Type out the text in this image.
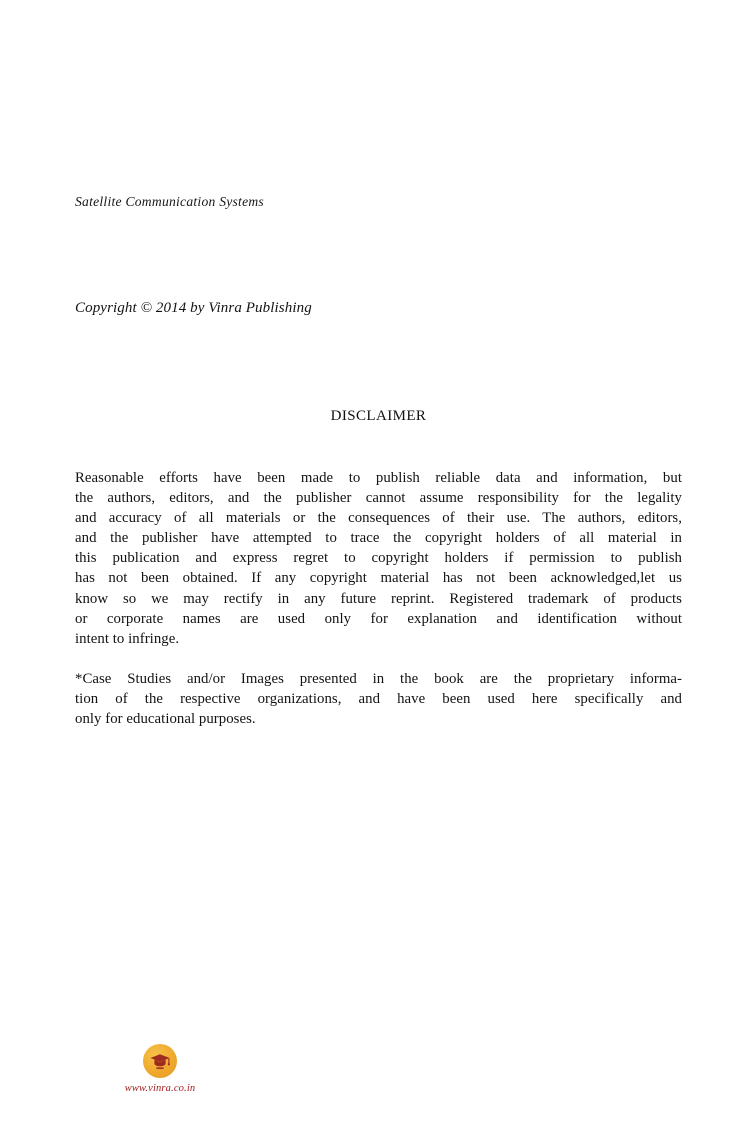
Satellite Communication Systems
Copyright © 2014 by Vinra Publishing
DISCLAIMER

Reasonable efforts have been made to publish reliable data and information, but
the authors, editors, and the publisher cannot assume responsibility for the legality
and accuracy of all materials or the consequences of their use. The authors, editors,
and the publisher have attempted to trace the copyright holders of all material in
this publication and express regret to copyright holders if permission to publish
has not been obtained. If any copyright material has not been acknowledged,let us
know so we may rectify in any future reprint. Registered trademark of products
or corporate names are used only for explanation and identification without
intent to infringe.

*Case Studies and/or Images presented in the book are the proprietary informa-
tion of the respective organizations, and have been used here specifically and
only for educational purposes.

www.vinra.co.in
